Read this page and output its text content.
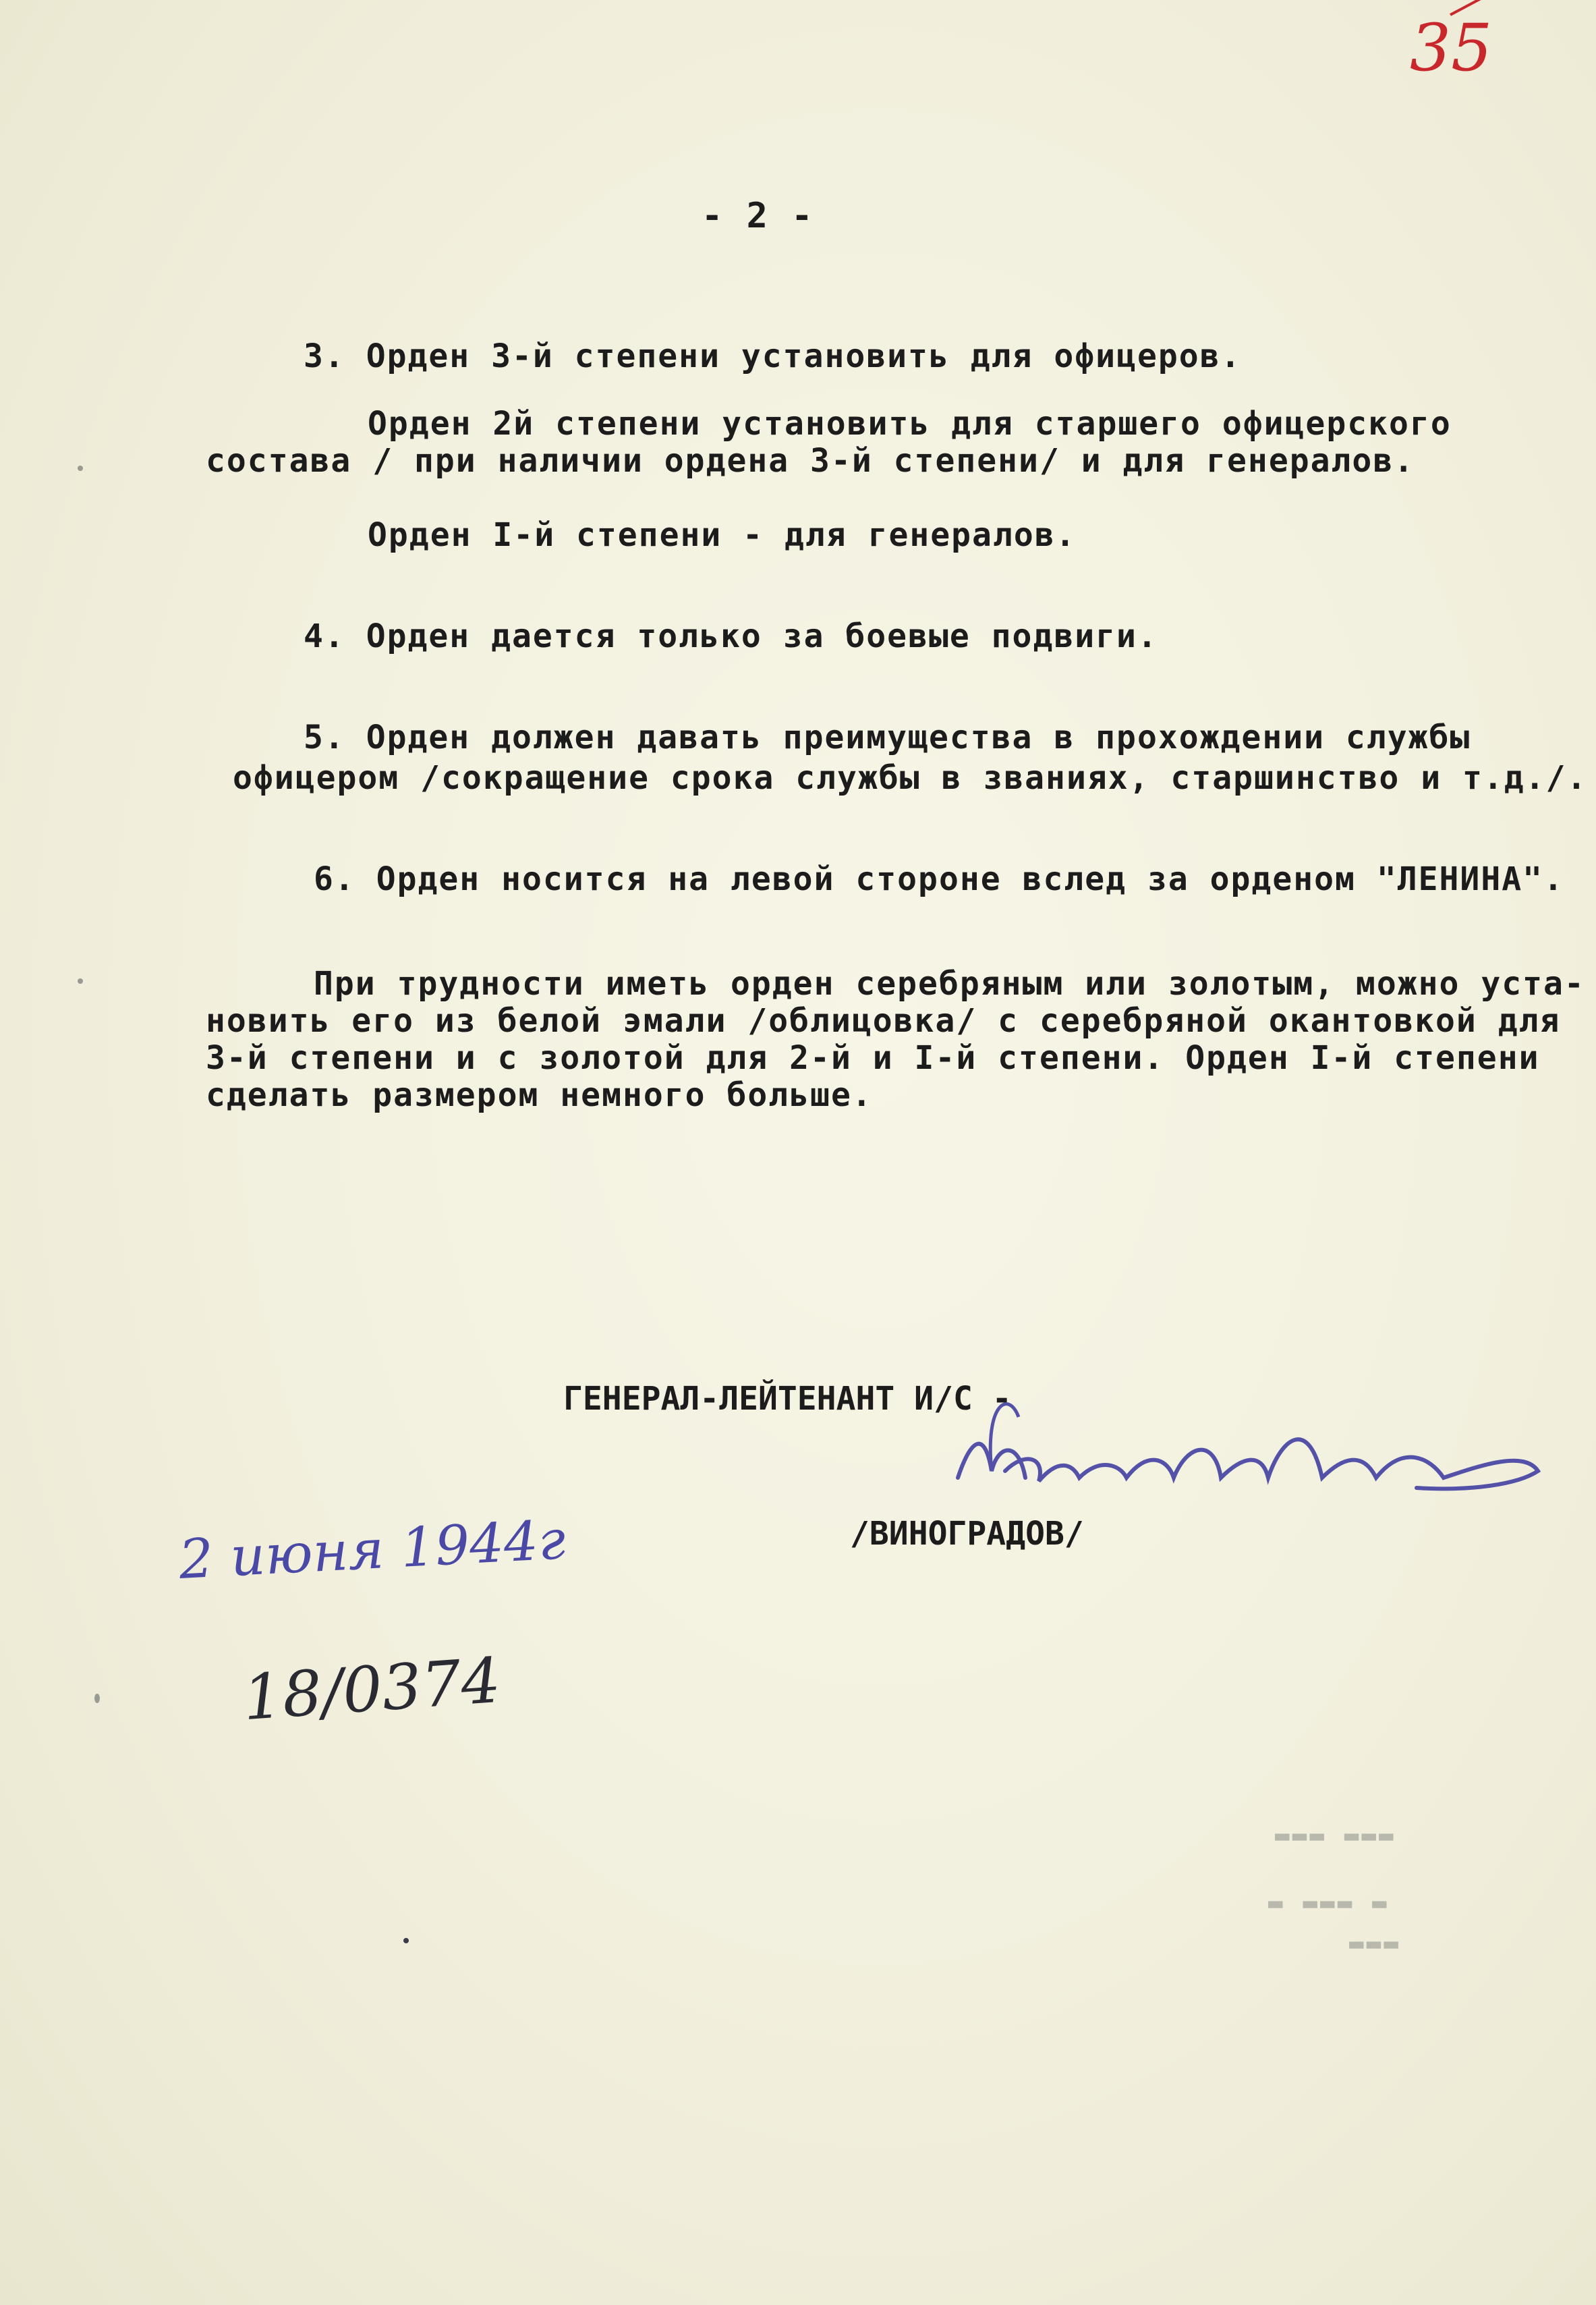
35
- 2 -
3. Орден 3-й степени установить для офицеров.
Орден 2й степени установить для старшего офицерского
состава / при наличии ордена 3-й степени/ и для генералов.
Орден I-й степени - для генералов.
4. Орден дается только за боевые подвиги.
5. Орден должен давать преимущества в прохождении службы
офицером /сокращение срока службы в званиях, старшинство и т.д./.
6. Орден носится на левой стороне вслед за орденом "ЛЕНИНА".
При трудности иметь орден серебряным или золотым, можно уста-
новить его из белой эмали /облицовка/ с серебряной окантовкой для
3-й степени и с золотой для 2-й и I-й степени. Орден I-й степени
сделать размером немного больше.
ГЕНЕРАЛ-ЛЕЙТЕНАНТ И/С -
/ВИНОГРАДОВ/
2 июня 1944г
18/0374
▬▬▬ ▬▬▬
▬ ▬▬▬ ▬
▬▬▬
